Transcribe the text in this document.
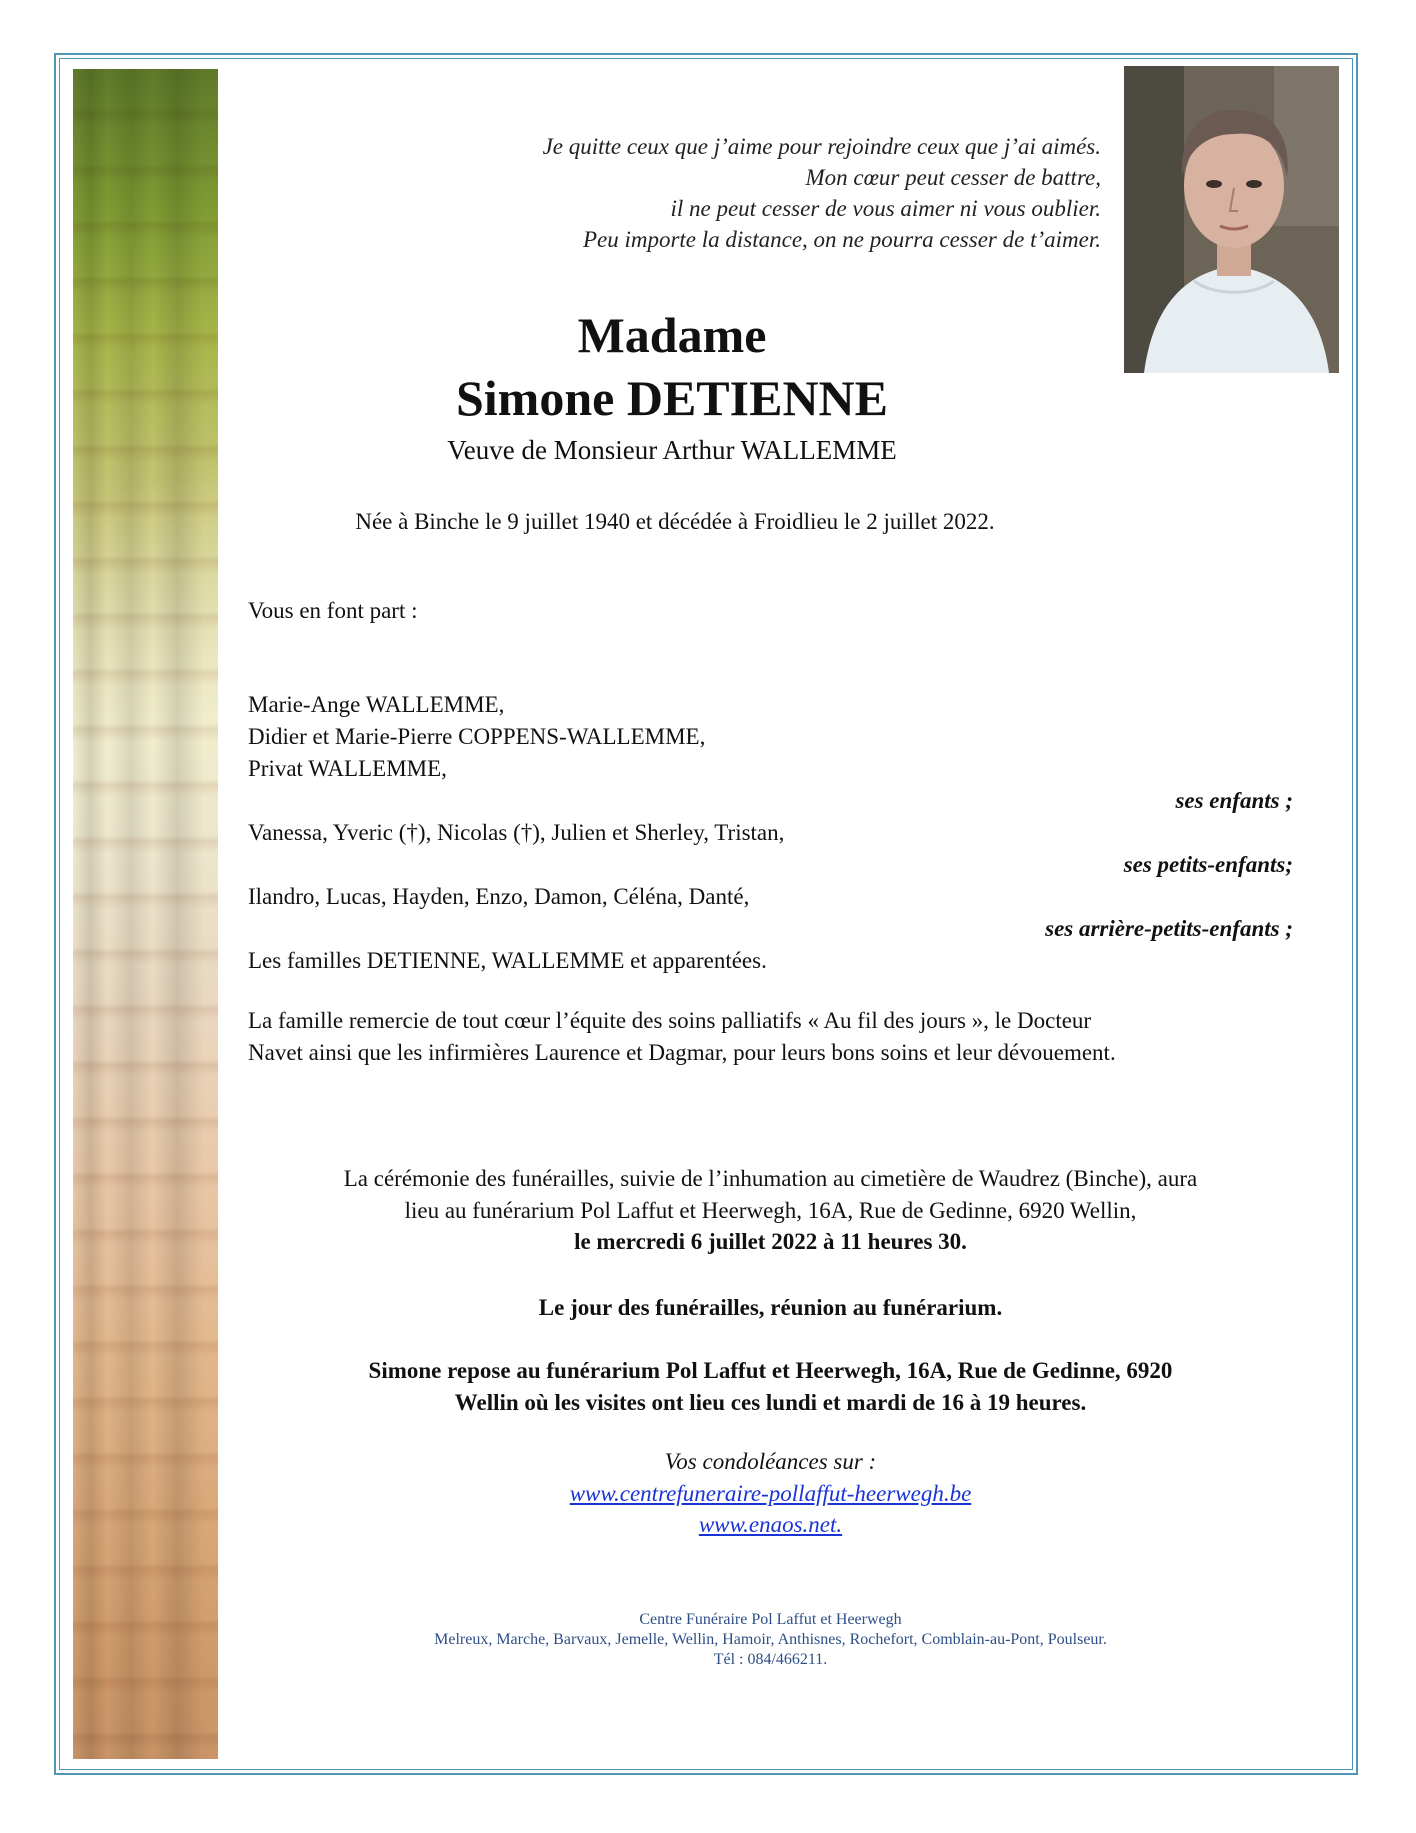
Je quitte ceux que j’aime pour rejoindre ceux que j’ai aimés.
Mon cœur peut cesser de battre,
il ne peut cesser de vous aimer ni vous oublier.
Peu importe la distance, on ne pourra cesser de t’aimer.
Madame
Simone DETIENNE
Veuve de Monsieur Arthur WALLEMME
Née à Binche le 9 juillet 1940 et décédée à Froidlieu le 2 juillet 2022.
Vous en font part :
Marie-Ange WALLEMME,
Didier et Marie-Pierre COPPENS-WALLEMME,
Privat WALLEMME,
ses enfants ;
Vanessa, Yveric (†), Nicolas (†), Julien et Sherley, Tristan,
ses petits-enfants;
Ilandro, Lucas, Hayden, Enzo, Damon, Céléna, Danté,
ses arrière-petits-enfants ;
Les familles DETIENNE, WALLEMME et apparentées.
La famille remercie de tout cœur l’équite des soins palliatifs « Au fil des jours », le Docteur
Navet ainsi que les infirmières Laurence et Dagmar, pour leurs bons soins et leur dévouement.
La cérémonie des funérailles, suivie de l’inhumation au cimetière de Waudrez (Binche), aura
lieu au funérarium Pol Laffut et Heerwegh, 16A, Rue de Gedinne, 6920 Wellin,
le mercredi 6 juillet 2022 à 11 heures 30.
Le jour des funérailles, réunion au funérarium.
Simone repose au funérarium Pol Laffut et Heerwegh, 16A, Rue de Gedinne, 6920
Wellin où les visites ont lieu ces lundi et mardi de 16 à 19 heures.
Vos condoléances sur :
www.centrefuneraire-pollaffut-heerwegh.be
www.enaos.net.
Centre Funéraire Pol Laffut et Heerwegh
Melreux, Marche, Barvaux, Jemelle, Wellin, Hamoir, Anthisnes, Rochefort, Comblain-au-Pont, Poulseur.
Tél : 084/466211.
